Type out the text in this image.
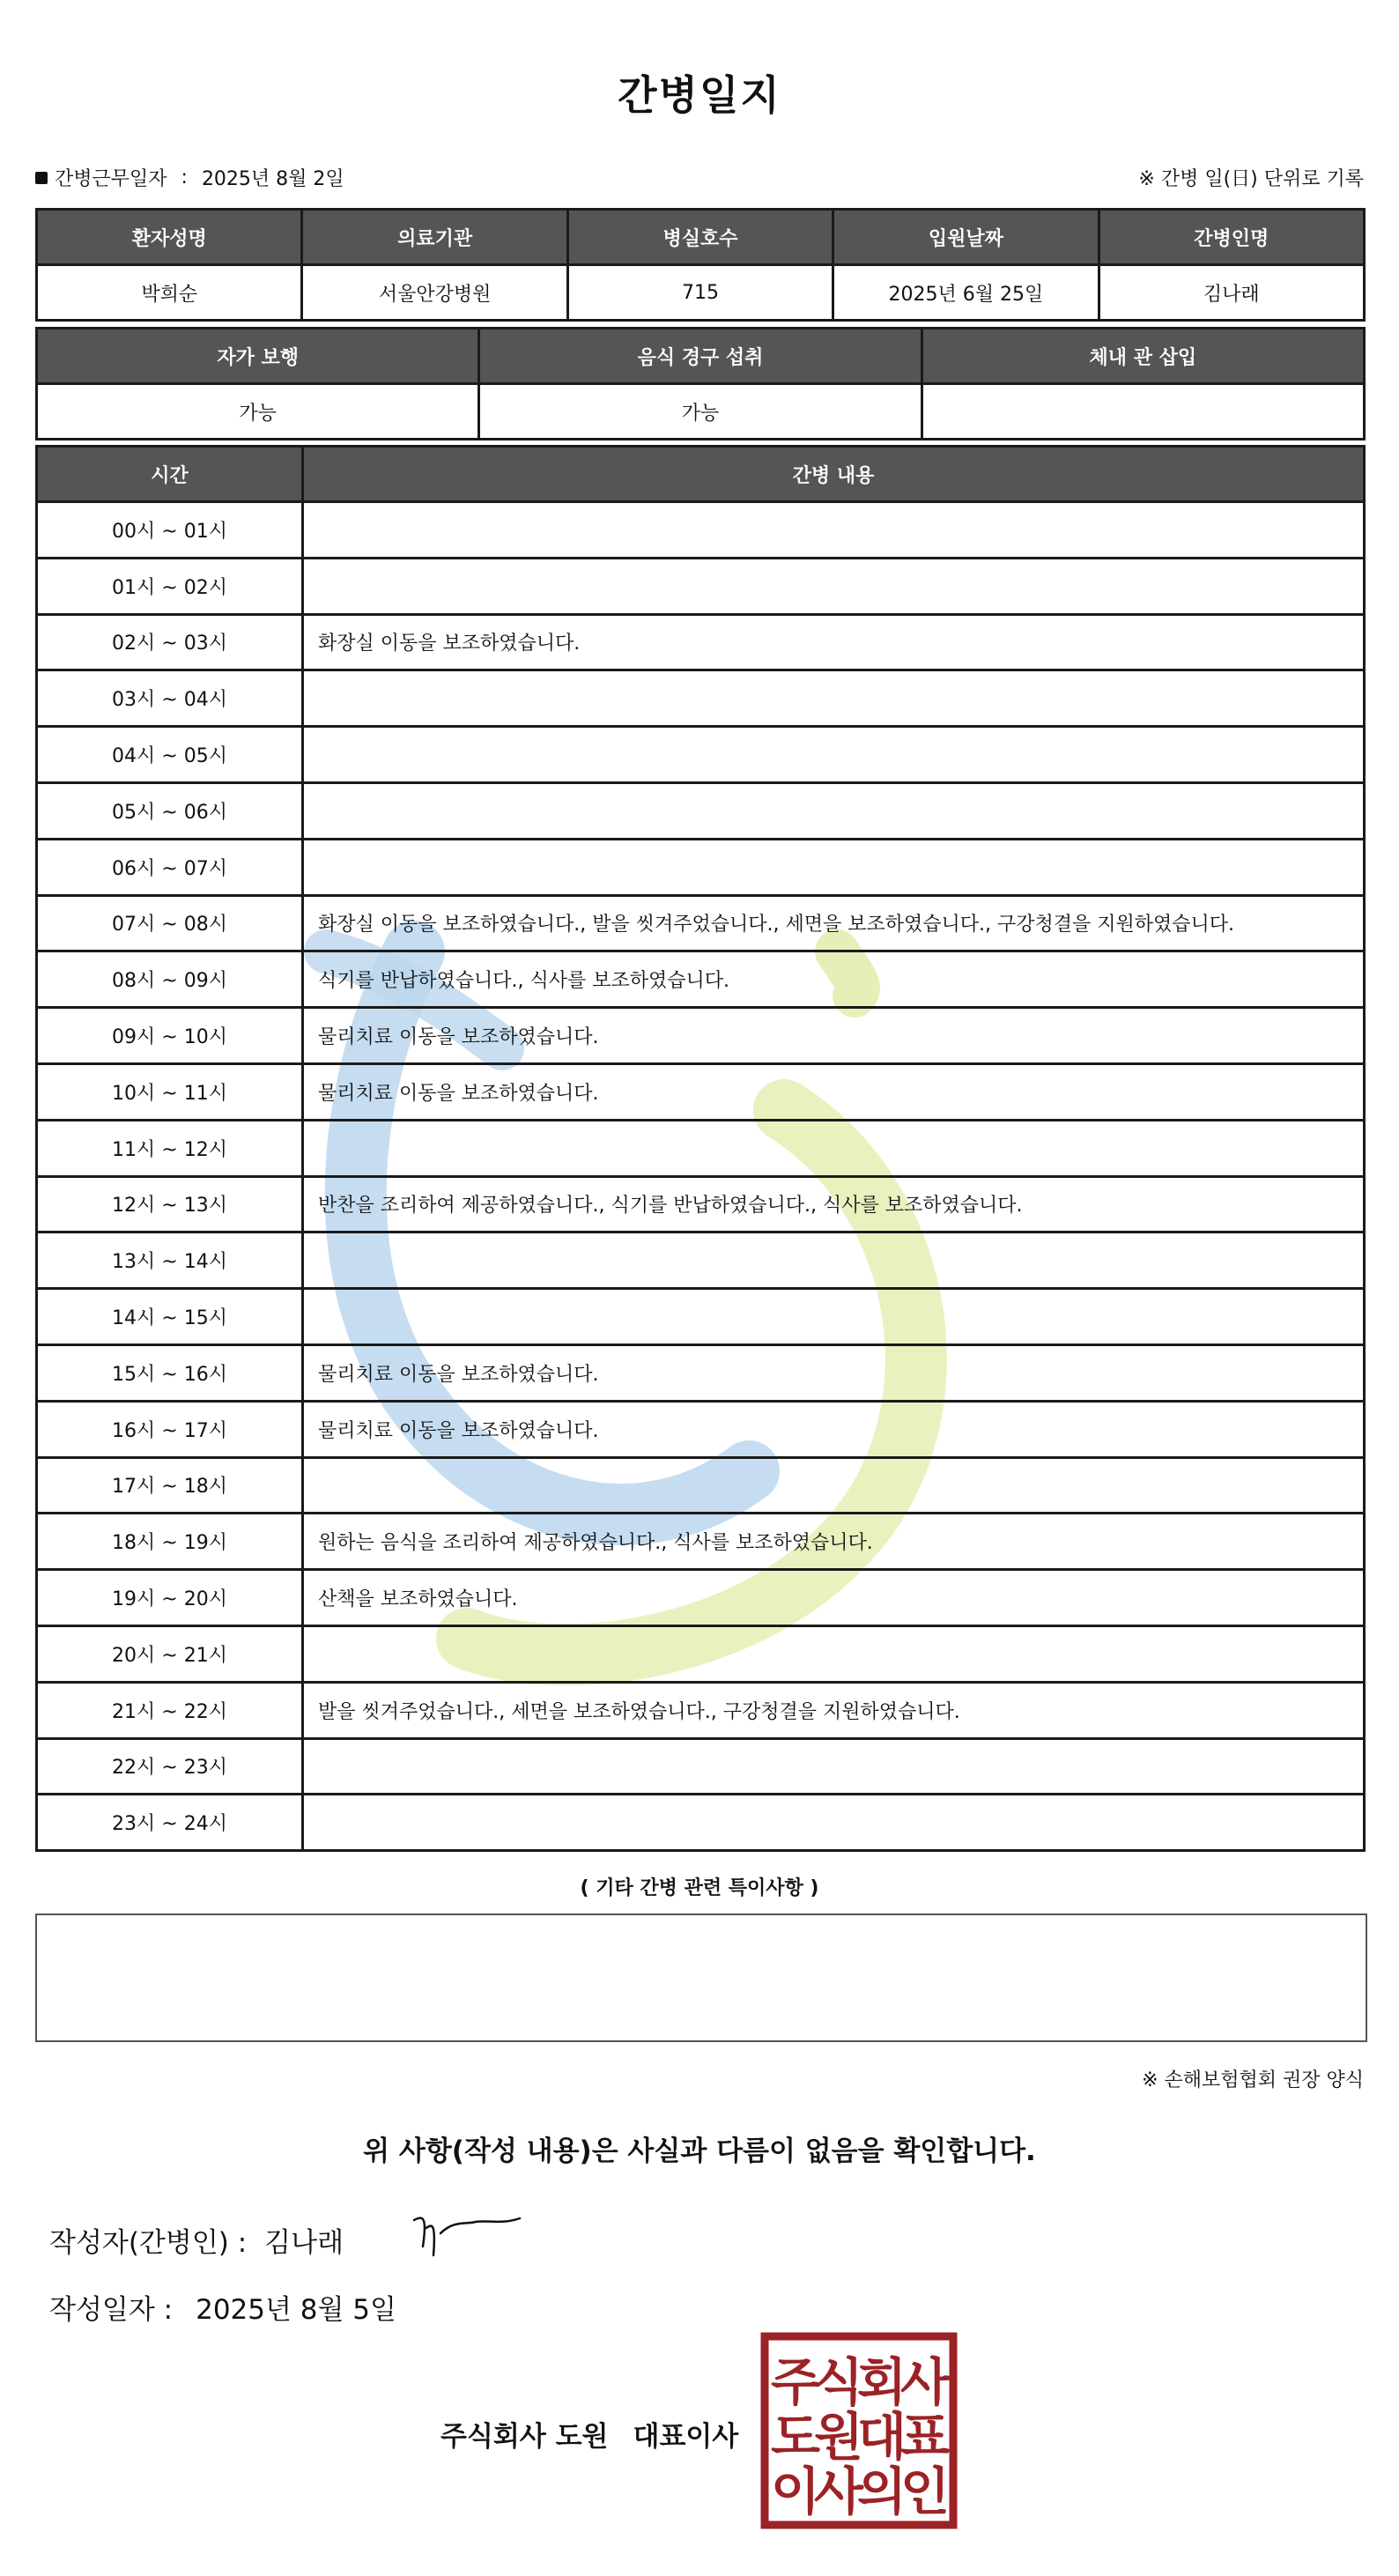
간병일지
간병근무일자 : 2025년 8월 2일	※ 간병 일(日) 단위로 기록
환자성명	의료기관	병실호수	입원날짜	간병인명
박희순	서울안강병원	715	2025년 6월 25일	김나래
자가 보행	음식 경구 섭취	체내 관 삽입
가능	가능	
시간	간병 내용
00시 ~ 01시	
01시 ~ 02시	
02시 ~ 03시	화장실 이동을 보조하였습니다.
03시 ~ 04시	
04시 ~ 05시	
05시 ~ 06시	
06시 ~ 07시	
07시 ~ 08시	화장실 이동을 보조하였습니다., 발을 씻겨주었습니다., 세면을 보조하였습니다., 구강청결을 지원하였습니다.
08시 ~ 09시	식기를 반납하였습니다., 식사를 보조하였습니다.
09시 ~ 10시	물리치료 이동을 보조하였습니다.
10시 ~ 11시	물리치료 이동을 보조하였습니다.
11시 ~ 12시	
12시 ~ 13시	반찬을 조리하여 제공하였습니다., 식기를 반납하였습니다., 식사를 보조하였습니다.
13시 ~ 14시	
14시 ~ 15시	
15시 ~ 16시	물리치료 이동을 보조하였습니다.
16시 ~ 17시	물리치료 이동을 보조하였습니다.
17시 ~ 18시	
18시 ~ 19시	원하는 음식을 조리하여 제공하였습니다., 식사를 보조하였습니다.
19시 ~ 20시	산책을 보조하였습니다.
20시 ~ 21시	
21시 ~ 22시	발을 씻겨주었습니다., 세면을 보조하였습니다., 구강청결을 지원하였습니다.
22시 ~ 23시	
23시 ~ 24시	
( 기타 간병 관련 특이사항 )
※ 손해보험협회 권장 양식
위 사항(작성 내용)은 사실과 다름이 없음을 확인합니다.
작성자(간병인) : 김나래
작성일자 : 2025년 8월 5일
주식회사 도원 대표이사
주
식
회
사
도
원
대
표
이
사
의
인
